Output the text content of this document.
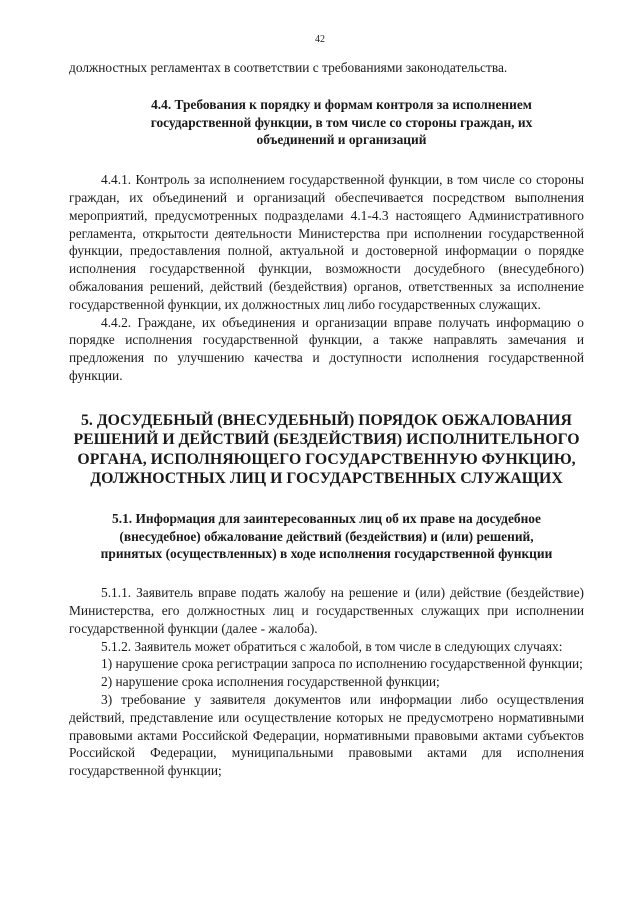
42

должностных регламентах в соответствии с требованиями законодательства.

4.4. Требования к порядку и формам контроля за исполнением государственной функции, в том числе со стороны граждан, их объединений и организаций

4.4.1. Контроль за исполнением государственной функции, в том числе со стороны граждан, их объединений и организаций обеспечивается посредством выполнения мероприятий, предусмотренных подразделами 4.1-4.3 настоящего Административного регламента, открытости деятельности Министерства при исполнении государственной функции, предоставления полной, актуальной и достоверной информации о порядке исполнения государственной функции, возможности досудебного (внесудебного) обжалования решений, действий (бездействия) органов, ответственных за исполнение государственной функции, их должностных лиц либо государственных служащих.

4.4.2. Граждане, их объединения и организации вправе получать информацию о порядке исполнения государственной функции, а также направлять замечания и предложения по улучшению качества и доступности исполнения государственной функции.

5. ДОСУДЕБНЫЙ (ВНЕСУДЕБНЫЙ) ПОРЯДОК ОБЖАЛОВАНИЯ РЕШЕНИЙ И ДЕЙСТВИЙ (БЕЗДЕЙСТВИЯ) ИСПОЛНИТЕЛЬНОГО ОРГАНА, ИСПОЛНЯЮЩЕГО ГОСУДАРСТВЕННУЮ ФУНКЦИЮ, ДОЛЖНОСТНЫХ ЛИЦ И ГОСУДАРСТВЕННЫХ СЛУЖАЩИХ

5.1. Информация для заинтересованных лиц об их праве на досудебное (внесудебное) обжалование действий (бездействия) и (или) решений, принятых (осуществленных) в ходе исполнения государственной функции

5.1.1. Заявитель вправе подать жалобу на решение и (или) действие (бездействие) Министерства, его должностных лиц и государственных служащих при исполнении государственной функции (далее - жалоба).

5.1.2. Заявитель может обратиться с жалобой, в том числе в следующих случаях:

1) нарушение срока регистрации запроса по исполнению государственной функции;

2) нарушение срока исполнения государственной функции;

3) требование у заявителя документов или информации либо осуществления действий, представление или осуществление которых не предусмотрено нормативными правовыми актами Российской Федерации, нормативными правовыми актами субъектов Российской Федерации, муниципальными правовыми актами для исполнения государственной функции;
